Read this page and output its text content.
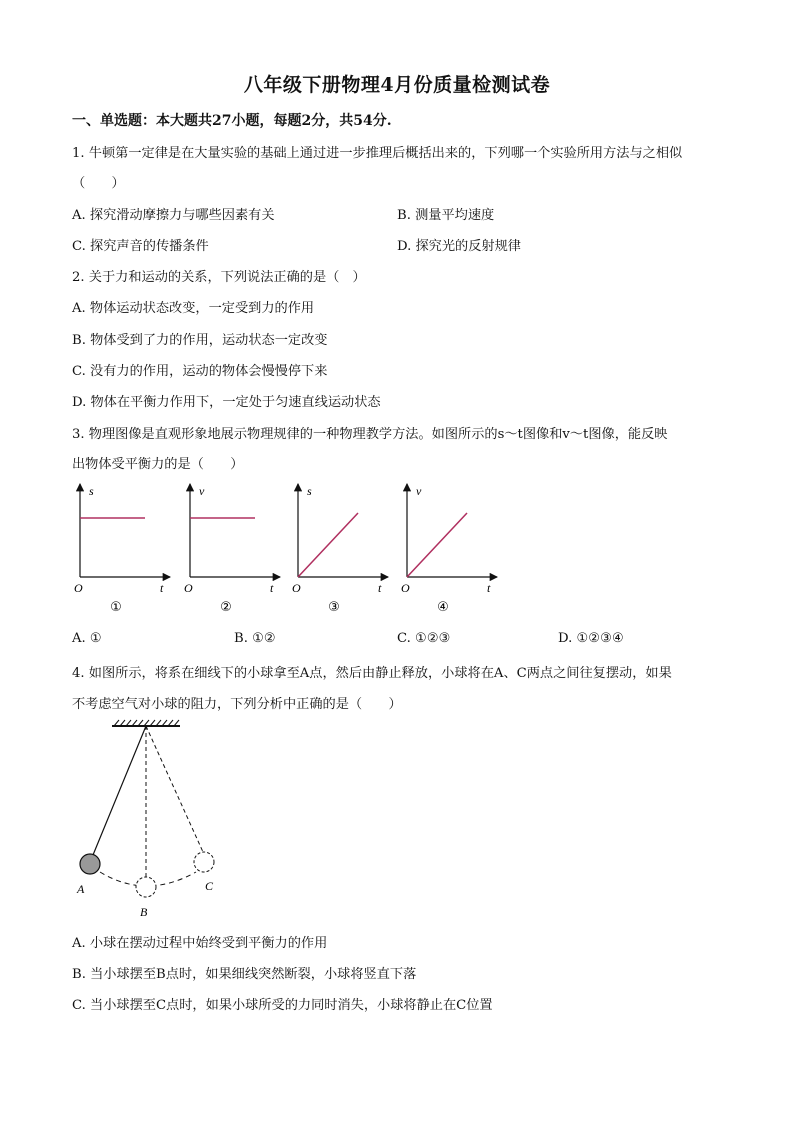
八年级下册物理4月份质量检测试卷
一、单选题：本大题共27小题，每题2分，共54分.
1. 牛顿第一定律是在大量实验的基础上通过进一步推理后概括出来的，下列哪一个实验所用方法与之相似
（　　）
A. 探究滑动摩擦力与哪些因素有关	B. 测量平均速度
C. 探究声音的传播条件	D. 探究光的反射规律
2. 关于力和运动的关系，下列说法正确的是（　）
A. 物体运动状态改变，一定受到力的作用
B. 物体受到了力的作用，运动状态一定改变
C. 没有力的作用，运动的物体会慢慢停下来
D. 物体在平衡力作用下，一定处于匀速直线运动状态
3. 物理图像是直观形象地展示物理规律的一种物理教学方法。如图所示的s～t图像和v～t图像，能反映
出物体受平衡力的是（　　）
s
t
O
①
v
t
O
②
s
t
O
③
v
t
O
④
A. ①	B. ①②	C. ①②③	D. ①②③④
4. 如图所示，将系在细线下的小球拿至A点，然后由静止释放，小球将在A、C两点之间往复摆动，如果
不考虑空气对小球的阻力，下列分析中正确的是（　　）
A
B
C
A. 小球在摆动过程中始终受到平衡力的作用
B. 当小球摆至B点时，如果细线突然断裂，小球将竖直下落
C. 当小球摆至C点时，如果小球所受的力同时消失，小球将静止在C位置
